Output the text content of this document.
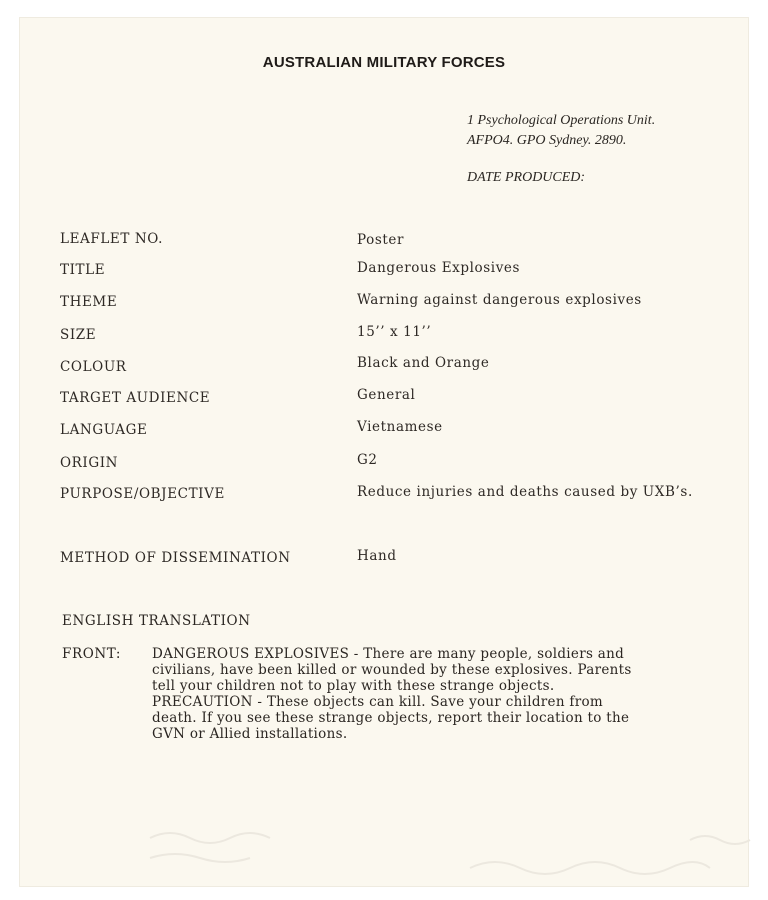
AUSTRALIAN MILITARY FORCES
1 Psychological Operations Unit.
AFPO4. GPO Sydney. 2890.
DATE PRODUCED:
LEAFLET NO.	Poster
TITLE	Dangerous Explosives
THEME	Warning against dangerous explosives
SIZE	15’’ x 11’’
COLOUR	Black and Orange
TARGET AUDIENCE	General
LANGUAGE	Vietnamese
ORIGIN	G2
PURPOSE/OBJECTIVE	Reduce injuries and deaths caused by UXB’s.
METHOD OF DISSEMINATION	Hand
ENGLISH TRANSLATION
FRONT: DANGEROUS EXPLOSIVES - There are many people, soldiers and
civilians, have been killed or wounded by these explosives. Parents
tell your children not to play with these strange objects.
PRECAUTION - These objects can kill. Save your children from
death. If you see these strange objects, report their location to the
GVN or Allied installations.
